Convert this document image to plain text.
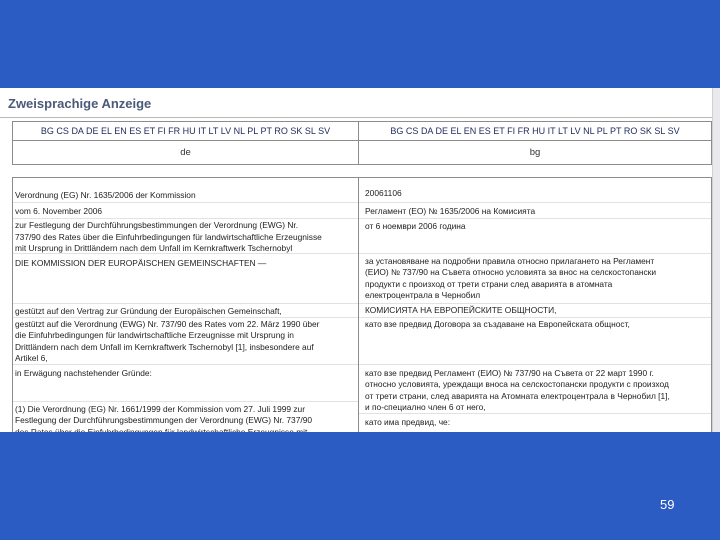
Zweisprachige Anzeige
BG CS DA DE EL EN ES ET FI FR HU IT LT LV NL PL PT RO SK SL SV	BG CS DA DE EL EN ES ET FI FR HU IT LT LV NL PL PT RO SK SL SV
de	bg
Verordnung (EG) Nr. 1635/2006 der Kommission
vom 6. November 2006
zur Festlegung der Durchführungsbestimmungen der Verordnung (EWG) Nr.
737/90 des Rates über die Einfuhrbedingungen für landwirtschaftliche Erzeugnisse
mit Ursprung in Drittländern nach dem Unfall im Kernkraftwerk Tschernobyl
DIE KOMMISSION DER EUROPÄISCHEN GEMEINSCHAFTEN —
gestützt auf den Vertrag zur Gründung der Europäischen Gemeinschaft,
gestützt auf die Verordnung (EWG) Nr. 737/90 des Rates vom 22. März 1990 über
die Einfuhrbedingungen für landwirtschaftliche Erzeugnisse mit Ursprung in
Drittländern nach dem Unfall im Kernkraftwerk Tschernobyl [1], insbesondere auf
Artikel 6,
in Erwägung nachstehender Gründe:
(1) Die Verordnung (EG) Nr. 1661/1999 der Kommission vom 27. Juli 1999 zur
Festlegung der Durchführungsbestimmungen der Verordnung (EWG) Nr. 737/90
20061106
Регламент (ЕО) № 1635/2006 на Комисията
от 6 ноември 2006 година
за установяване на подробни правила относно прилагането на Регламент
(ЕИО) № 737/90 на Съвета относно условията за внос на селскостопански
продукти с произход от трети страни след аварията в атомната
електроцентрала в Чернобил
КОМИСИЯТА НА ЕВРОПЕЙСКИТЕ ОБЩНОСТИ,
като взе предвид Договора за създаване на Европейската общност,
като взе предвид Регламент (ЕИО) № 737/90 на Съвета от 22 март 1990 г.
относно условията, уреждащи вноса на селскостопански продукти с произход
от трети страни, след аварията на Атомната електроцентрала в Чернобил [1],
и по-специално член 6 от него,
като има предвид, че:
59
